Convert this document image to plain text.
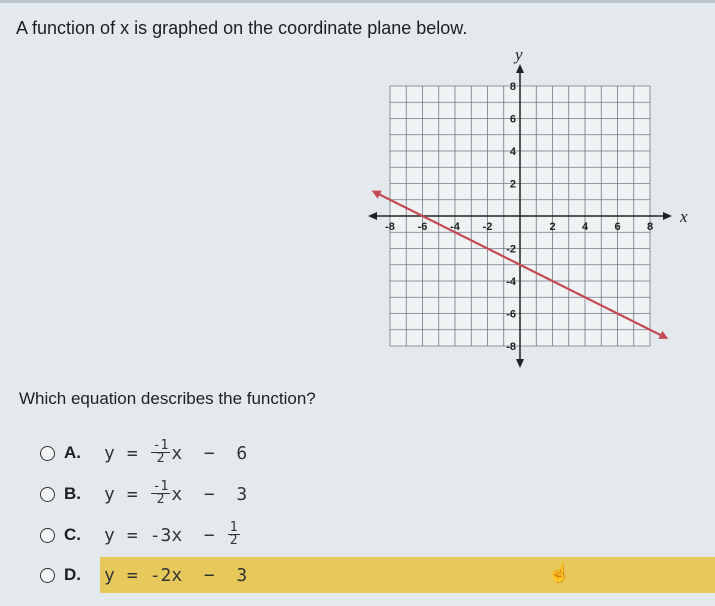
A function of x is graphed on the coordinate plane below.
x
y
-8 -6 -4 -2	2 4 6 8
8
6
4
2
-2
-4
-6
-8
Which equation describes the function?
A. $y = \frac{-1}{2}$ x  −  6
B. $y = \frac{-1}{2}$ x  −  3
C. $y = -3x - \frac{1}{2}$
D. y = -2x  −  3	☝
